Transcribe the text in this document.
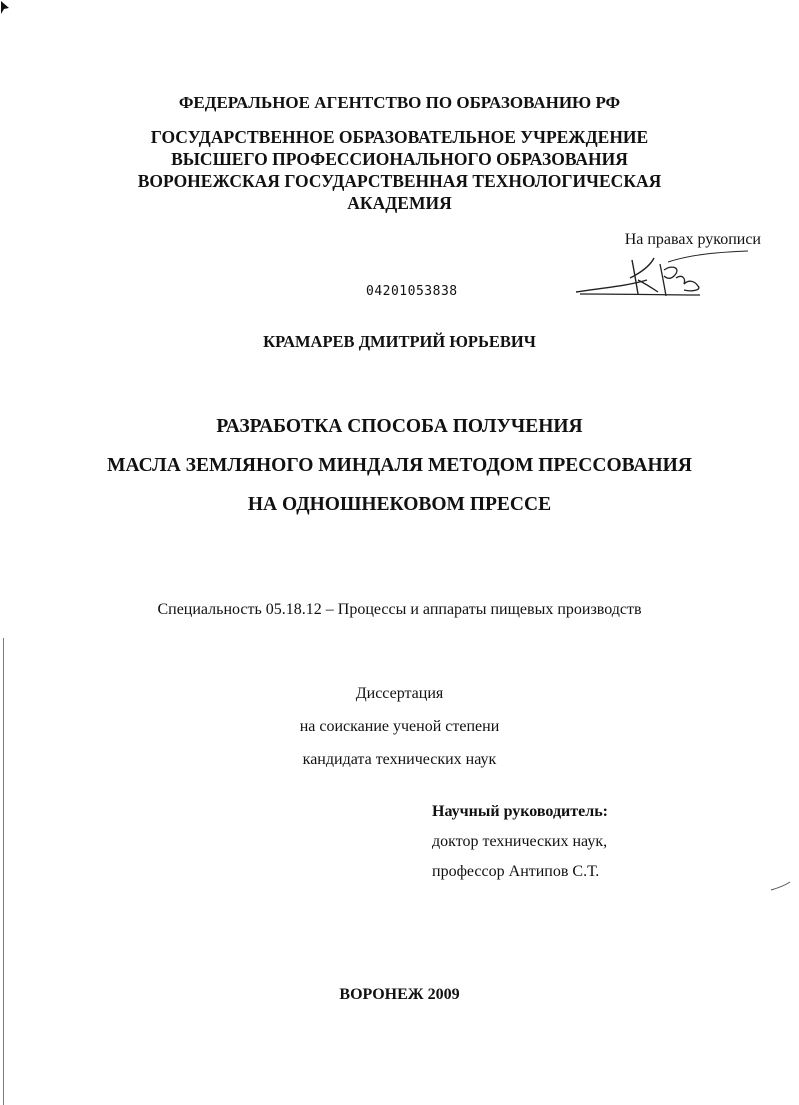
ФЕДЕРАЛЬНОЕ АГЕНТСТВО ПО ОБРАЗОВАНИЮ РФ
ГОСУДАРСТВЕННОЕ ОБРАЗОВАТЕЛЬНОЕ УЧРЕЖДЕНИЕ
ВЫСШЕГО ПРОФЕССИОНАЛЬНОГО ОБРАЗОВАНИЯ
ВОРОНЕЖСКАЯ ГОСУДАРСТВЕННАЯ ТЕХНОЛОГИЧЕСКАЯ
АКАДЕМИЯ
На правах рукописи
04201053838
КРАМАРЕВ ДМИТРИЙ ЮРЬЕВИЧ
РАЗРАБОТКА СПОСОБА ПОЛУЧЕНИЯ
МАСЛА ЗЕМЛЯНОГО МИНДАЛЯ МЕТОДОМ ПРЕССОВАНИЯ
НА ОДНОШНЕКОВОМ ПРЕССЕ
Специальность 05.18.12 – Процессы и аппараты пищевых производств
Диссертация
на соискание ученой степени
кандидата технических наук
Научный руководитель:
доктор технических наук,
профессор Антипов С.Т.
ВОРОНЕЖ 2009
